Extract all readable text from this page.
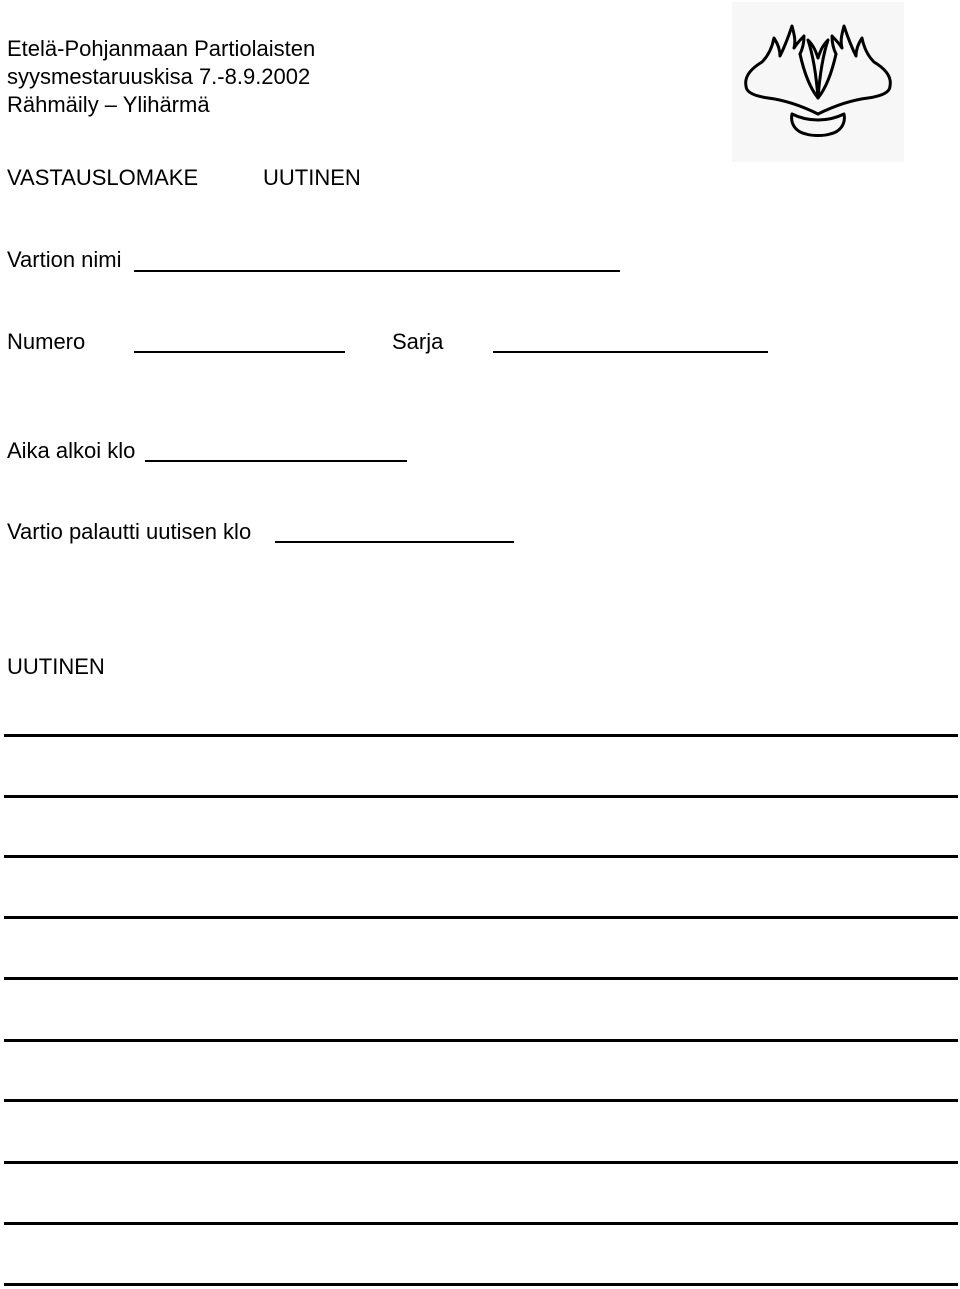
Etelä-Pohjanmaan Partiolaisten
syysmestaruuskisa 7.-8.9.2002
Rähmäily – Ylihärmä
VASTAUSLOMAKE	UUTINEN
Vartion nimi
Numero	Sarja
Aika alkoi klo
Vartio palautti uutisen klo
UUTINEN
